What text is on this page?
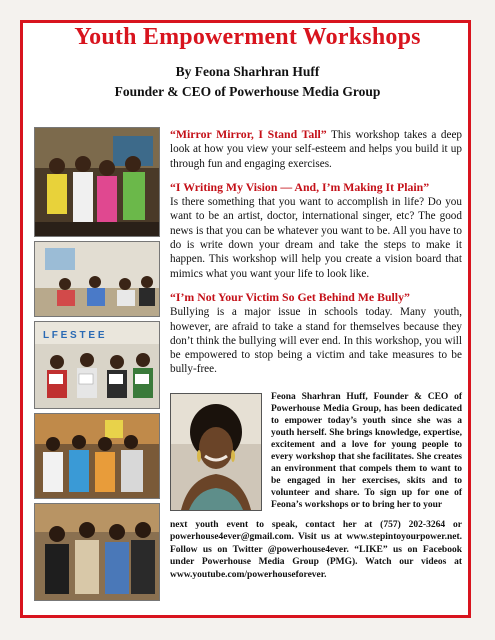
Youth Empowerment Workshops
By Feona Sharhran Huff
Founder & CEO of Powerhouse Media Group
L F E S T E E

“Mirror Mirror, I Stand Tall” This workshop takes a deep look at how you view your self-esteem and helps you build it up through fun and engaging exercises.

“I Writing My Vision — And, I’m Making It Plain”
Is there something that you want to accomplish in life? Do you want to be an artist, doctor, international singer, etc? The good news is that you can be whatever you want to be. All you have to do is write down your dream and take the steps to make it happen. This workshop will help you create a vision board that mimics what you want your life to look like.

“I’m Not Your Victim So Get Behind Me Bully”
Bullying is a major issue in schools today. Many youth, however, are afraid to take a stand for themselves because they don’t think the bullying will ever end. In this workshop, you will be empowered to stop being a victim and take measures to be bully-free.

Feona Sharhran Huff, Founder & CEO of Powerhouse Media Group, has been dedicated to empower today’s youth since she was a youth herself. She brings knowledge, expertise, excitement and a love for young people to every workshop that she facilitates. She creates an environment that compels them to want to be engaged in her exercises, skits and to volunteer and share. To sign up for one of Feona’s workshops or to bring her to your
next youth event to speak, contact her at (757) 202-3264 or powerhouse4ever@gmail.com. Visit us at www.stepintoyourpower.net. Follow us on Twitter @powerhouse4ever. “LIKE” us on Facebook under Powerhouse Media Group (PMG). Watch our videos at www.youtube.com/powerhouseforever.
